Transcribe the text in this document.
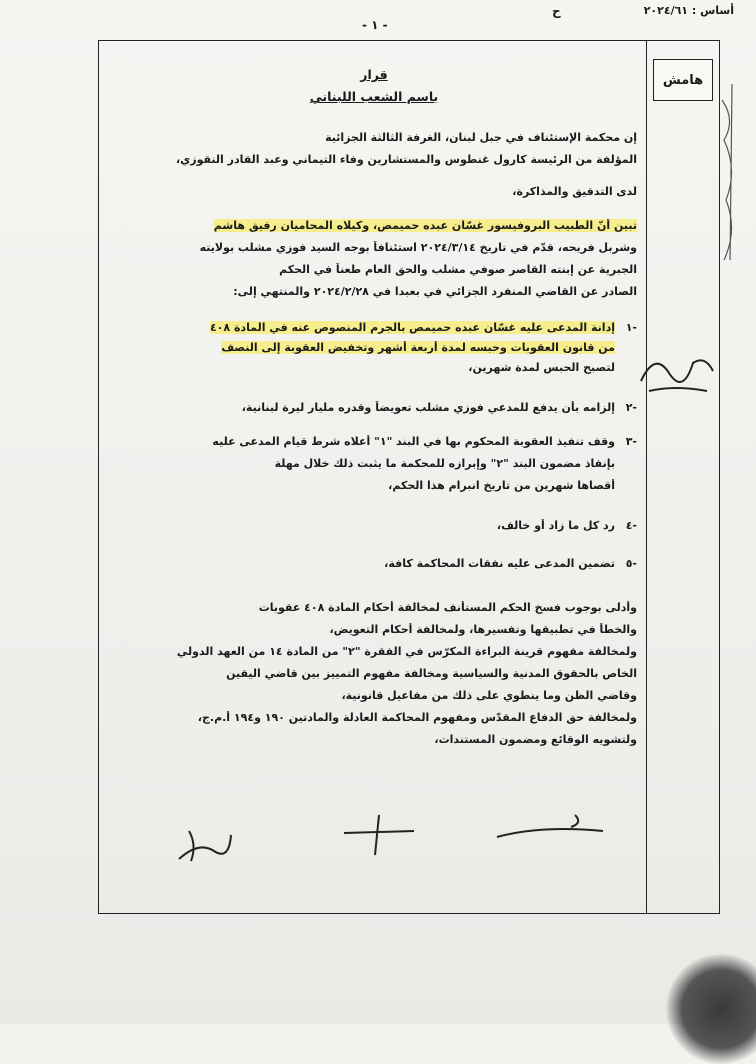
أساس : ٢٠٢٤/٦١
ح
- ١ -
هامش
قرار
باسم الشعب اللبناني
إن محكمة الإستئناف في جبل لبنان، الغرفة الثالثة الجزائية
المؤلفة من الرئيسة كارول غنطوس والمستشارين وفاء التيماني وعبد القادر النقوزي،
لدى التدقيق والمذاكرة،
تبين أنّ الطبيب البروفيسور غسّان عبده حميمص، وكيلاه المحاميان رفيق هاشم
وشربل فريحه، قدّم في تاريخ ٢٠٢٤/٣/١٤ استئنافاً بوجه السيد فوزي مشلب بولايته
الجبرية عن إبنته القاصر صوفي مشلب والحق العام طعناً في الحكم
الصادر عن القاضي المنفرد الجزائي في بعبدا في ٢٠٢٤/٢/٢٨ والمنتهي إلى:
-١
إدانة المدعى عليه غسّان عبده حميمص بالجرم المنصوص عنه في المادة ٤٠٨
من قانون العقوبات وحبسه لمدة أربعة أشهر وتخفيض العقوبة إلى النصف
لتصبح الحبس لمدة شهرين،
-٢
إلزامه بأن يدفع للمدعي فوزي مشلب تعويضاً وقدره مليار ليرة لبنانية،
-٣
وقف تنفيذ العقوبة المحكوم بها في البند "١" أعلاه شرط قيام المدعى عليه
بإنفاذ مضمون البند "٢" وإبرازه للمحكمة ما يثبت ذلك خلال مهلة
أقصاها شهرين من تاريخ انبرام هذا الحكم،
-٤
رد كل ما زاد أو خالف،
-٥
تضمين المدعى عليه نفقات المحاكمة كافة،
وأدلى بوجوب فسخ الحكم المستأنف لمخالفة أحكام المادة ٤٠٨ عقوبات
والخطأ في تطبيقها وتفسيرها، ولمخالفة أحكام التعويض،
ولمخالفة مفهوم قرينة البراءة المكرّس في الفقرة "٢" من المادة ١٤ من العهد الدولي
الخاص بالحقوق المدنية والسياسية ومخالفة مفهوم التمييز بين قاضي اليقين
وقاضي الظن وما ينطوي على ذلك من مفاعيل قانونية،
ولمخالفة حق الدفاع المقدّس ومفهوم المحاكمة العادلة والمادتين ١٩٠ و١٩٤ أ.م.ج،
ولتشويه الوقائع ومضمون المستندات،
